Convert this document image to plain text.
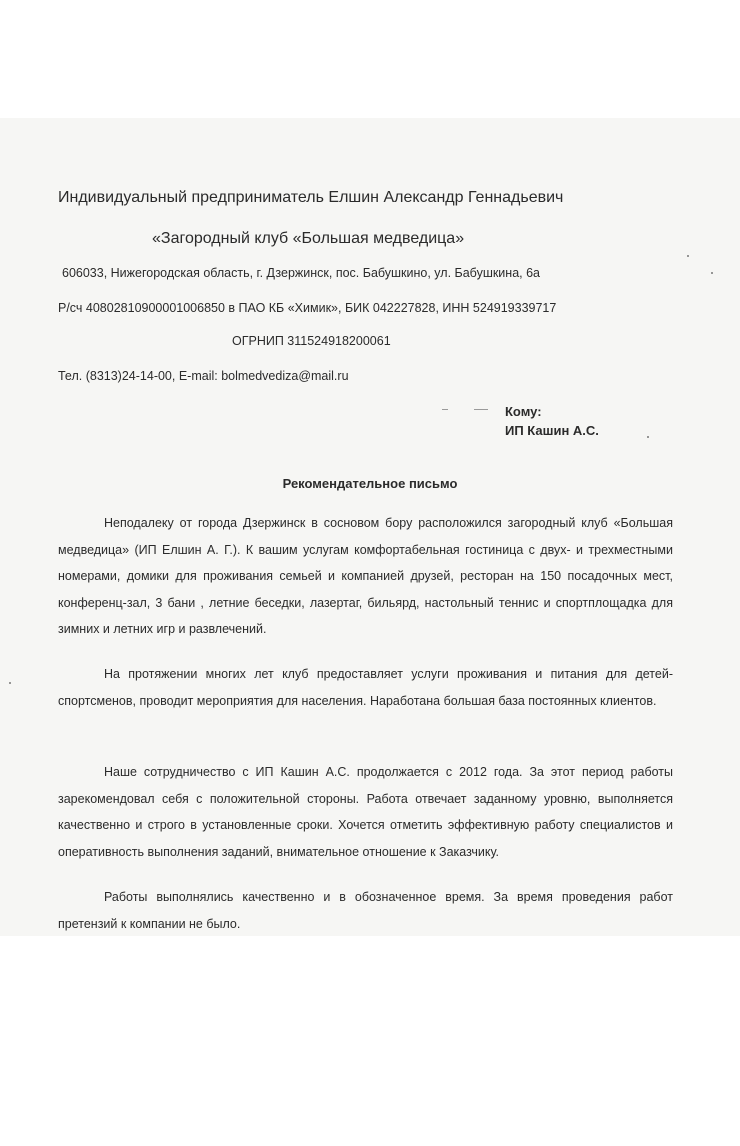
Индивидуальный предприниматель Елшин Александр Геннадьевич
«Загородный клуб «Большая медведица»
606033, Нижегородская область, г. Дзержинск, пос. Бабушкино, ул. Бабушкина, 6а
Р/сч 40802810900001006850 в ПАО КБ «Химик», БИК 042227828, ИНН 524919339717
ОГРНИП 311524918200061
Тел. (8313)24-14-00, E-mail: bolmedvediza@mail.ru
Кому:
ИП Кашин А.С.
Рекомендательное письмо

Неподалеку от города Дзержинск в сосновом бору расположился загородный клуб «Большая медведица» (ИП Елшин А. Г.). К вашим услугам комфортабельная гостиница с двух- и трехместными номерами, домики для проживания семьей и компанией друзей, ресторан на 150 посадочных мест, конференц-зал, 3 бани , летние беседки, лазертаг, бильярд, настольный теннис и спортплощадка для зимних и летних игр и развлечений.

На протяжении многих лет клуб предоставляет услуги проживания и питания для детей-спортсменов, проводит мероприятия для населения. Наработана большая база постоянных клиентов.

Наше сотрудничество с ИП Кашин А.С. продолжается с 2012 года. За этот период работы зарекомендовал себя с положительной стороны. Работа отвечает заданному уровню, выполняется качественно и строго в установленные сроки. Хочется отметить эффективную работу специалистов и оперативность выполнения заданий, внимательное отношение к Заказчику.

Работы выполнялись качественно и в обозначенное время. За время проведения работ претензий к компании не было.
